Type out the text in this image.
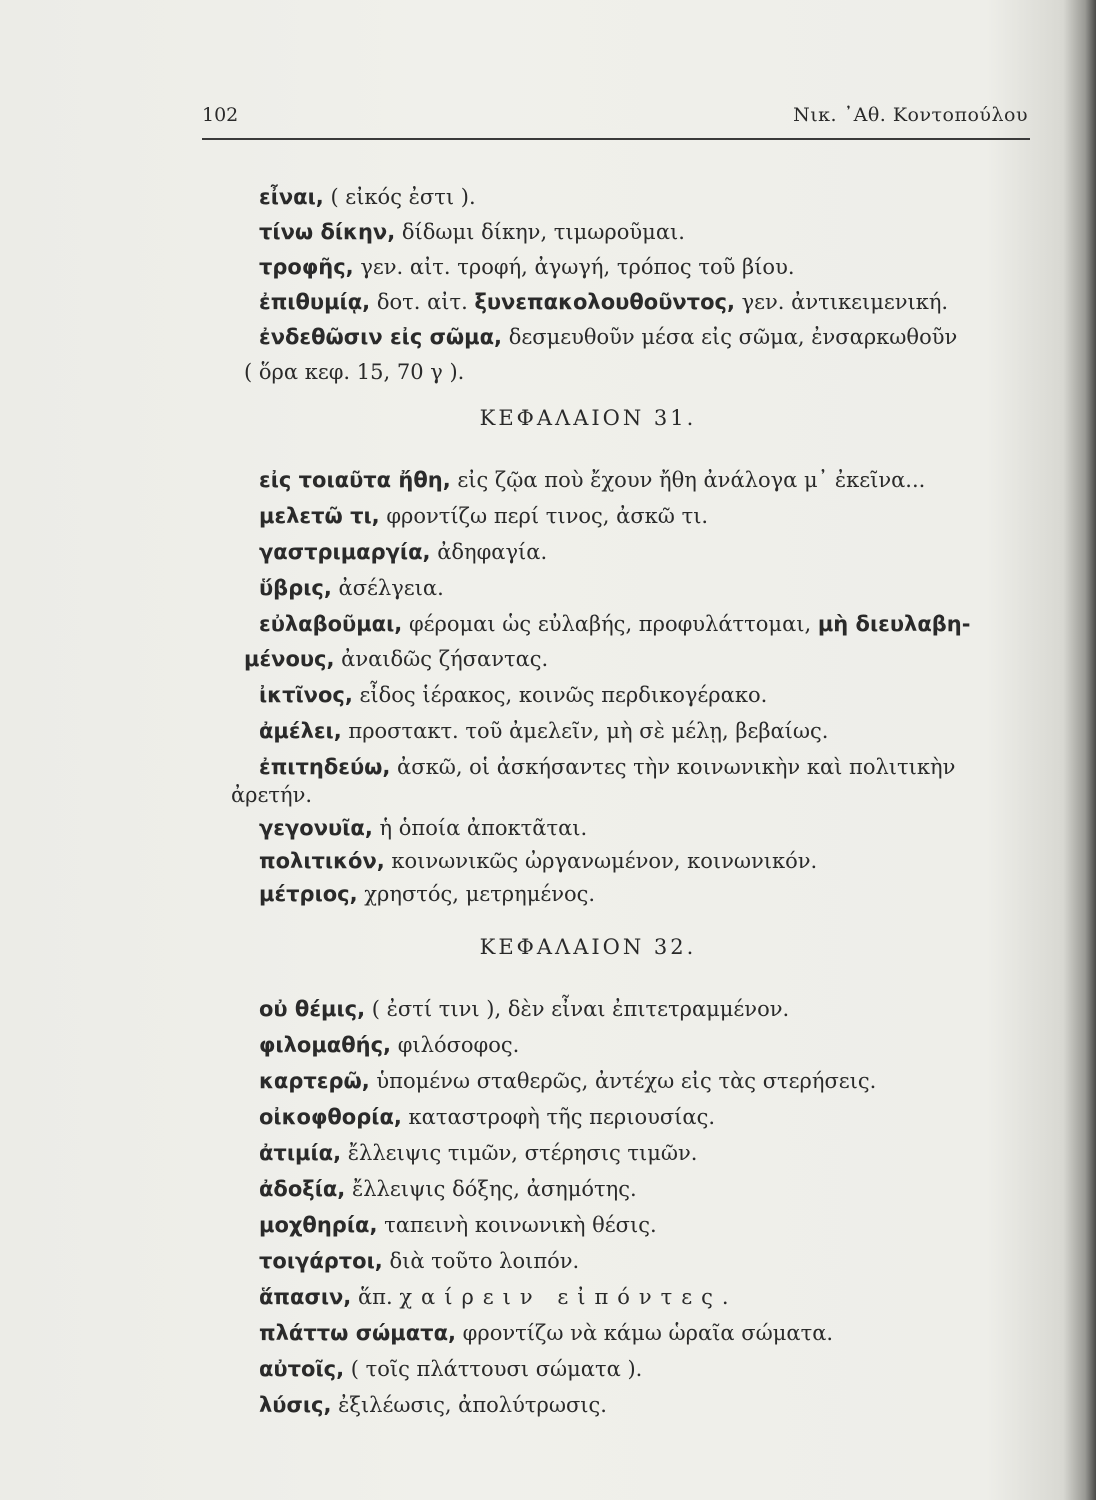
102	Νικ. ᾿Αθ. Κοντοπούλου
εἶναι, ( εἰκός ἐστι ).
τίνω δίκην, δίδωμι δίκην, τιμωροῦμαι.
τροφῆς, γεν. αἰτ. τροφή, ἀγωγή, τρόπος τοῦ βίου.
ἐπιθυμίᾳ, δοτ. αἰτ. ξυνεπακολουθοῦντος, γεν. ἀντικειμενική.
ἐνδεθῶσιν εἰς σῶμα, δεσμευθοῦν μέσα εἰς σῶμα, ἐνσαρκωθοῦν
( ὅρα κεφ. 15, 70 γ ).
ΚΕΦΑΛΑΙΟΝ 31.
εἰς τοιαῦτα ἤθη, εἰς ζῷα ποὺ ἔχουν ἤθη ἀνάλογα μ᾿ ἐκεῖνα...
μελετῶ τι, φροντίζω περί τινος, ἀσκῶ τι.
γαστριμαργία, ἀδηφαγία.
ὕβρις, ἀσέλγεια.
εὐλαβοῦμαι, φέρομαι ὡς εὐλαβής, προφυλάττομαι, μὴ διευλαβη-
μένους, ἀναιδῶς ζήσαντας.
ἰκτῖνος, εἶδος ἱέρακος, κοινῶς περδικογέρακο.
ἀμέλει, προστακτ. τοῦ ἀμελεῖν, μὴ σὲ μέλῃ, βεβαίως.
ἐπιτηδεύω, ἀσκῶ, οἱ ἀσκήσαντες τὴν κοινωνικὴν καὶ πολιτικὴν
ἀρετήν.
γεγονυῖα, ἡ ὁποία ἀποκτᾶται.
πολιτικόν, κοινωνικῶς ὠργανωμένον, κοινωνικόν.
μέτριος, χρηστός, μετρημένος.
ΚΕΦΑΛΑΙΟΝ 32.
οὐ θέμις, ( ἐστί τινι ), δὲν εἶναι ἐπιτετραμμένον.
φιλομαθής, φιλόσοφος.
καρτερῶ, ὑπομένω σταθερῶς, ἀντέχω εἰς τὰς στερήσεις.
οἰκοφθορία, καταστροφὴ τῆς περιουσίας.
ἀτιμία, ἔλλειψις τιμῶν, στέρησις τιμῶν.
ἀδοξία, ἔλλειψις δόξης, ἀσημότης.
μοχθηρία, ταπεινὴ κοινωνικὴ θέσις.
τοιγάρτοι, διὰ τοῦτο λοιπόν.
ἅπασιν, ἅπ. χαίρειν εἰπόντες.
πλάττω σώματα, φροντίζω νὰ κάμω ὡραῖα σώματα.
αὐτοῖς, ( τοῖς πλάττουσι σώματα ).
λύσις, ἐξιλέωσις, ἀπολύτρωσις.
